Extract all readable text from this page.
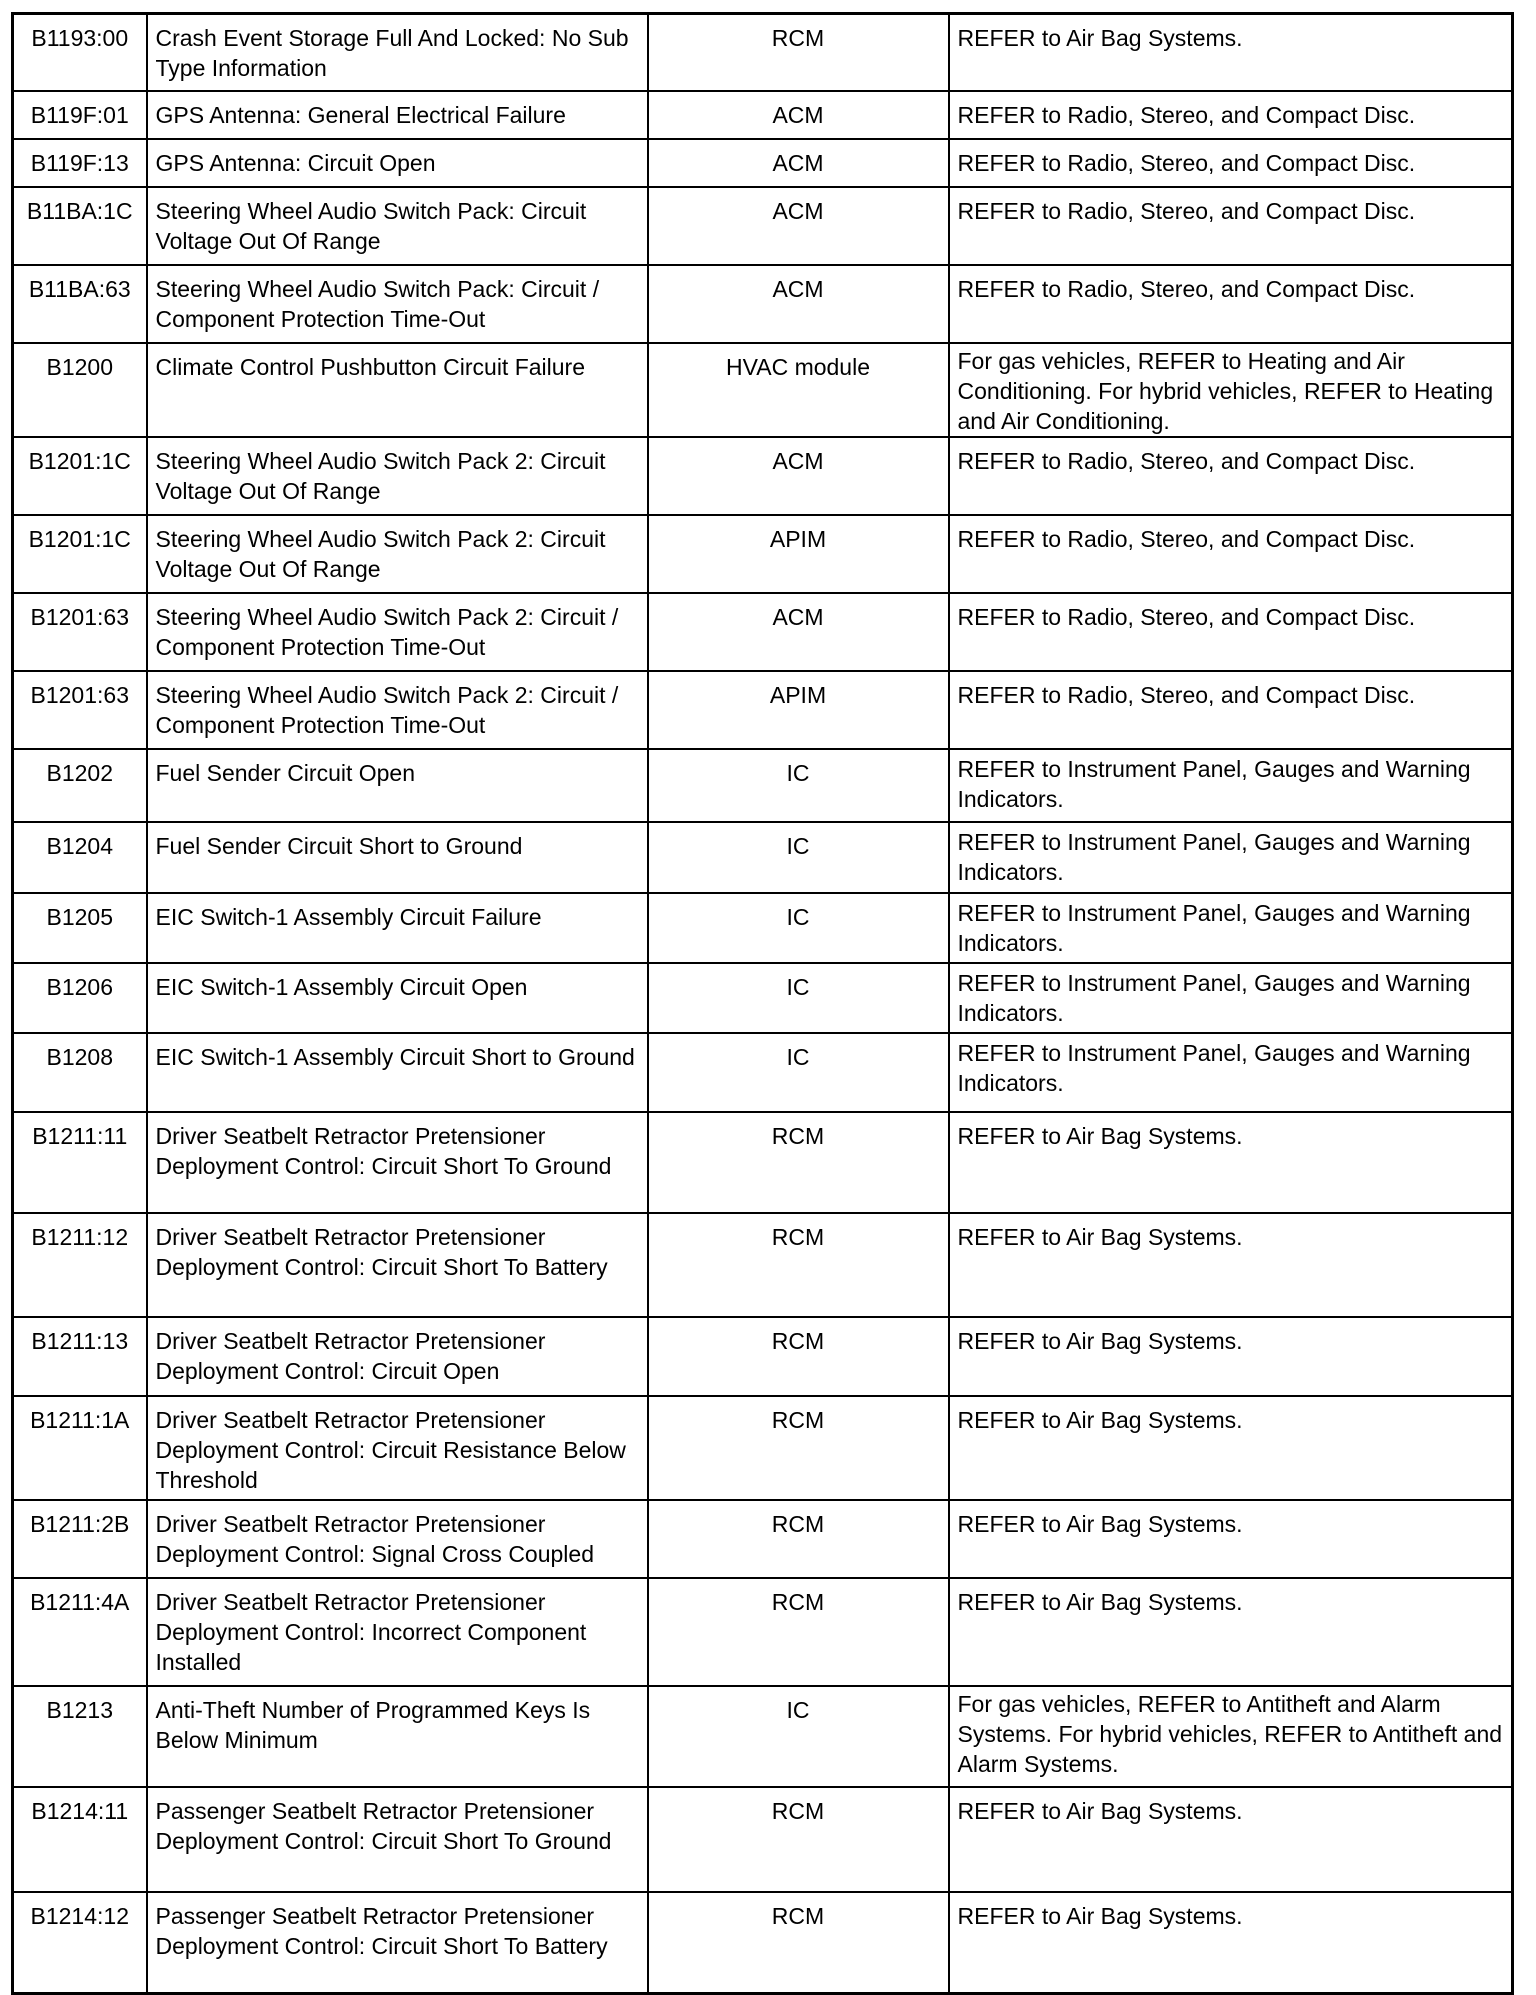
B1193:00	Crash Event Storage Full And Locked: No Sub Type Information	RCM	REFER to Air Bag Systems.
B119F:01	GPS Antenna: General Electrical Failure	ACM	REFER to Radio, Stereo, and Compact Disc.
B119F:13	GPS Antenna: Circuit Open	ACM	REFER to Radio, Stereo, and Compact Disc.
B11BA:1C	Steering Wheel Audio Switch Pack: Circuit Voltage Out Of Range	ACM	REFER to Radio, Stereo, and Compact Disc.
B11BA:63	Steering Wheel Audio Switch Pack: Circuit / Component Protection Time-Out	ACM	REFER to Radio, Stereo, and Compact Disc.
B1200	Climate Control Pushbutton Circuit Failure	HVAC module	For gas vehicles, REFER to Heating and Air Conditioning. For hybrid vehicles, REFER to Heating and Air Conditioning.
B1201:1C	Steering Wheel Audio Switch Pack 2: Circuit Voltage Out Of Range	ACM	REFER to Radio, Stereo, and Compact Disc.
B1201:1C	Steering Wheel Audio Switch Pack 2: Circuit Voltage Out Of Range	APIM	REFER to Radio, Stereo, and Compact Disc.
B1201:63	Steering Wheel Audio Switch Pack 2: Circuit / Component Protection Time-Out	ACM	REFER to Radio, Stereo, and Compact Disc.
B1201:63	Steering Wheel Audio Switch Pack 2: Circuit / Component Protection Time-Out	APIM	REFER to Radio, Stereo, and Compact Disc.
B1202	Fuel Sender Circuit Open	IC	REFER to Instrument Panel, Gauges and Warning Indicators.
B1204	Fuel Sender Circuit Short to Ground	IC	REFER to Instrument Panel, Gauges and Warning Indicators.
B1205	EIC Switch-1 Assembly Circuit Failure	IC	REFER to Instrument Panel, Gauges and Warning Indicators.
B1206	EIC Switch-1 Assembly Circuit Open	IC	REFER to Instrument Panel, Gauges and Warning Indicators.
B1208	EIC Switch-1 Assembly Circuit Short to Ground	IC	REFER to Instrument Panel, Gauges and Warning Indicators.
B1211:11	Driver Seatbelt Retractor Pretensioner Deployment Control: Circuit Short To Ground	RCM	REFER to Air Bag Systems.
B1211:12	Driver Seatbelt Retractor Pretensioner Deployment Control: Circuit Short To Battery	RCM	REFER to Air Bag Systems.
B1211:13	Driver Seatbelt Retractor Pretensioner Deployment Control: Circuit Open	RCM	REFER to Air Bag Systems.
B1211:1A	Driver Seatbelt Retractor Pretensioner Deployment Control: Circuit Resistance Below Threshold	RCM	REFER to Air Bag Systems.
B1211:2B	Driver Seatbelt Retractor Pretensioner Deployment Control: Signal Cross Coupled	RCM	REFER to Air Bag Systems.
B1211:4A	Driver Seatbelt Retractor Pretensioner Deployment Control: Incorrect Component Installed	RCM	REFER to Air Bag Systems.
B1213	Anti-Theft Number of Programmed Keys Is Below Minimum	IC	For gas vehicles, REFER to Antitheft and Alarm Systems. For hybrid vehicles, REFER to Antitheft and Alarm Systems.
B1214:11	Passenger Seatbelt Retractor Pretensioner Deployment Control: Circuit Short To Ground	RCM	REFER to Air Bag Systems.
B1214:12	Passenger Seatbelt Retractor Pretensioner Deployment Control: Circuit Short To Battery	RCM	REFER to Air Bag Systems.
